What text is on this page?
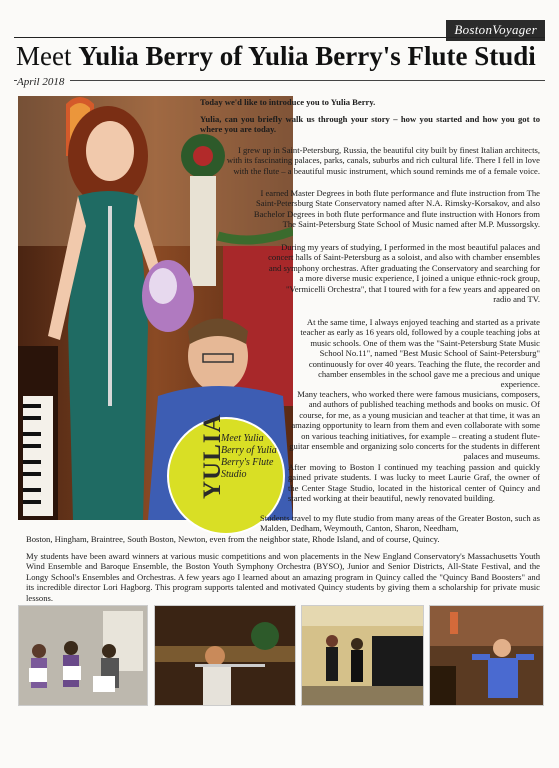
BostonVoyager
Meet Yulia Berry of Yulia Berry's Flute Studi
April 2018
YULIA
Meet Yulia Berry of Yulia Berry's Flute Studio
Today we'd like to introduce you to Yulia Berry.
Yulia, can you briefly walk us through your story – how you started and how you got to where you are today.
I grew up in Saint-Petersburg, Russia, the beautiful city built by finest Italian architects, with its fascinating palaces, parks, canals, suburbs and rich cultural life. There I fell in love with the flute – a beautiful music instrument, which sound reminds me of a female voice.
I earned Master Degrees in both flute performance and flute instruction from The Saint-Petersburg State Conservatory named after N.A. Rimsky-Korsakov, and also Bachelor Degrees in both flute performance and flute instruction with Honors from The Saint-Petersburg State School of Music named after M.P. Mussorgsky.
During my years of studying, I performed in the most beautiful palaces and concert halls of Saint-Petersburg as a soloist, and also with chamber ensembles and symphony orchestras. After graduating the Conservatory and searching for a more diverse music experience, I joined a unique ethnic-rock group, "Vermicelli Orchestra", that I toured with for a few years and appeared on radio and TV.
At the same time, I always enjoyed teaching and started as a private teacher as early as 16 years old, followed by a couple teaching jobs at music schools. One of them was the "Saint-Petersburg State Music School No.11", named "Best Music School of Saint-Petersburg" continuously for over 40 years. Teaching the flute, the recorder and chamber ensembles in the school gave me a precious and unique experience.
Many teachers, who worked there were famous musicians, composers, and authors of published teaching methods and books on music. Of course, for me, as a young musician and teacher at that time, it was an amazing opportunity to learn from them and even collaborate with some on various teaching initiatives, for example – creating a student flute-guitar ensemble and organizing solo concerts for the students in different palaces and museums.
After moving to Boston I continued my teaching passion and quickly gained private students. I was lucky to meet Laurie Graf, the owner of the Center Stage Studio, located in the historical center of Quincy and started working at their beautiful, newly renovated building.
Students travel to my flute studio from many areas of the Greater Boston, such as Malden, Dedham, Weymouth, Canton, Sharon, Needham,
Boston, Hingham, Braintree, South Boston, Newton, even from the neighbor state, Rhode Island, and of course, Quincy.
My students have been award winners at various music competitions and won placements in the New England Conservatory's Massachusetts Youth Wind Ensemble and Baroque Ensemble, the Boston Youth Symphony Orchestra (BYSO), Junior and Senior Districts, All-State Festival, and the Longy School's Ensembles and Orchestras. A few years ago I learned about an amazing program in Quincy called the "Quincy Band Boosters" and its incredible director Lori Hagborg. This program supports talented and motivated Quincy students by giving them a scholarship for private music lessons.
